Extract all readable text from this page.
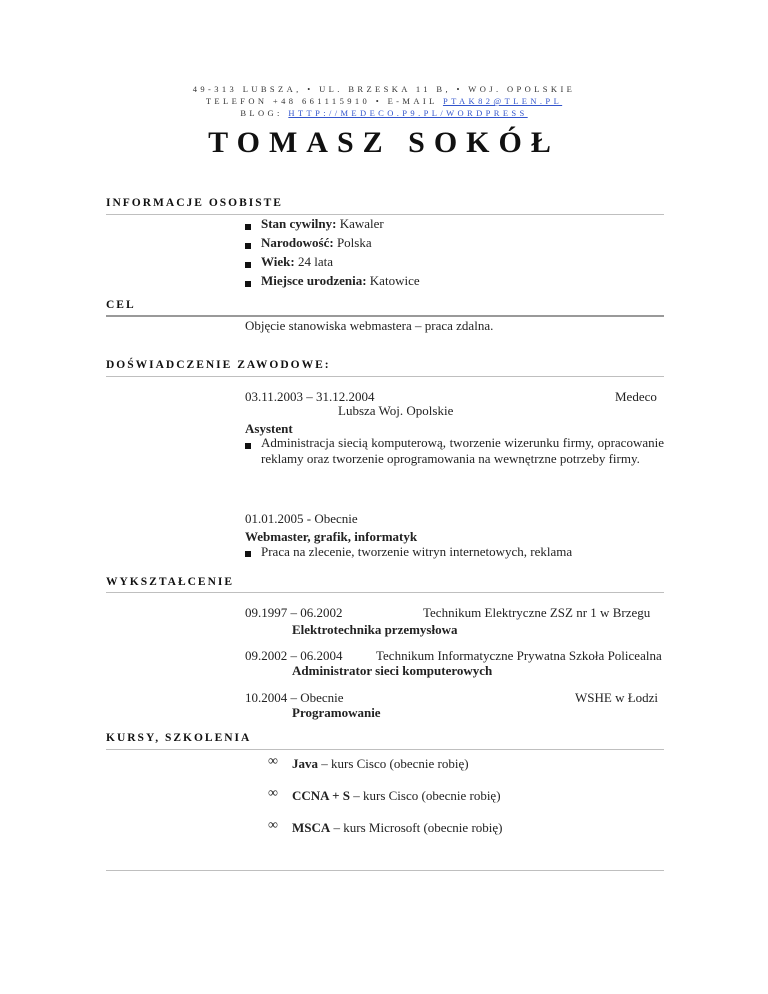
49-313 LUBSZA, • UL. BRZESKA 11 B, • WOJ. OPOLSKIE
TELEFON +48 661115910 • E-MAIL PTAK82@TLEN.PL
BLOG: HTTP://MEDECO.P9.PL/WORDPRESS
TOMASZ SOKÓŁ
INFORMACJE OSOBISTE
Stan cywilny: Kawaler
Narodowość: Polska
Wiek: 24 lata
Miejsce urodzenia: Katowice
CEL
Objęcie stanowiska webmastera – praca zdalna.
DOŚWIADCZENIE ZAWODOWE:
03.11.2003 – 31.12.2004	Medeco
Lubsza Woj. Opolskie
Asystent
Administracja siecią komputerową, tworzenie wizerunku firmy, opracowanie reklamy oraz tworzenie oprogramowania na wewnętrzne potrzeby firmy.
01.01.2005 - Obecnie
Webmaster, grafik, informatyk
Praca na zlecenie, tworzenie witryn internetowych, reklama
WYKSZTAŁCENIE
09.1997 – 06.2002	Technikum Elektryczne ZSZ nr 1 w Brzegu
Elektrotechnika przemysłowa
09.2002 – 06.2004	Technikum Informatyczne Prywatna Szkoła Policealna
Administrator sieci komputerowych
10.2004 – Obecnie	WSHE w Łodzi
Programowanie
KURSY, SZKOLENIA
∞ Java – kurs Cisco (obecnie robię)
∞ CCNA + S – kurs Cisco (obecnie robię)
∞ MSCA – kurs Microsoft (obecnie robię)
